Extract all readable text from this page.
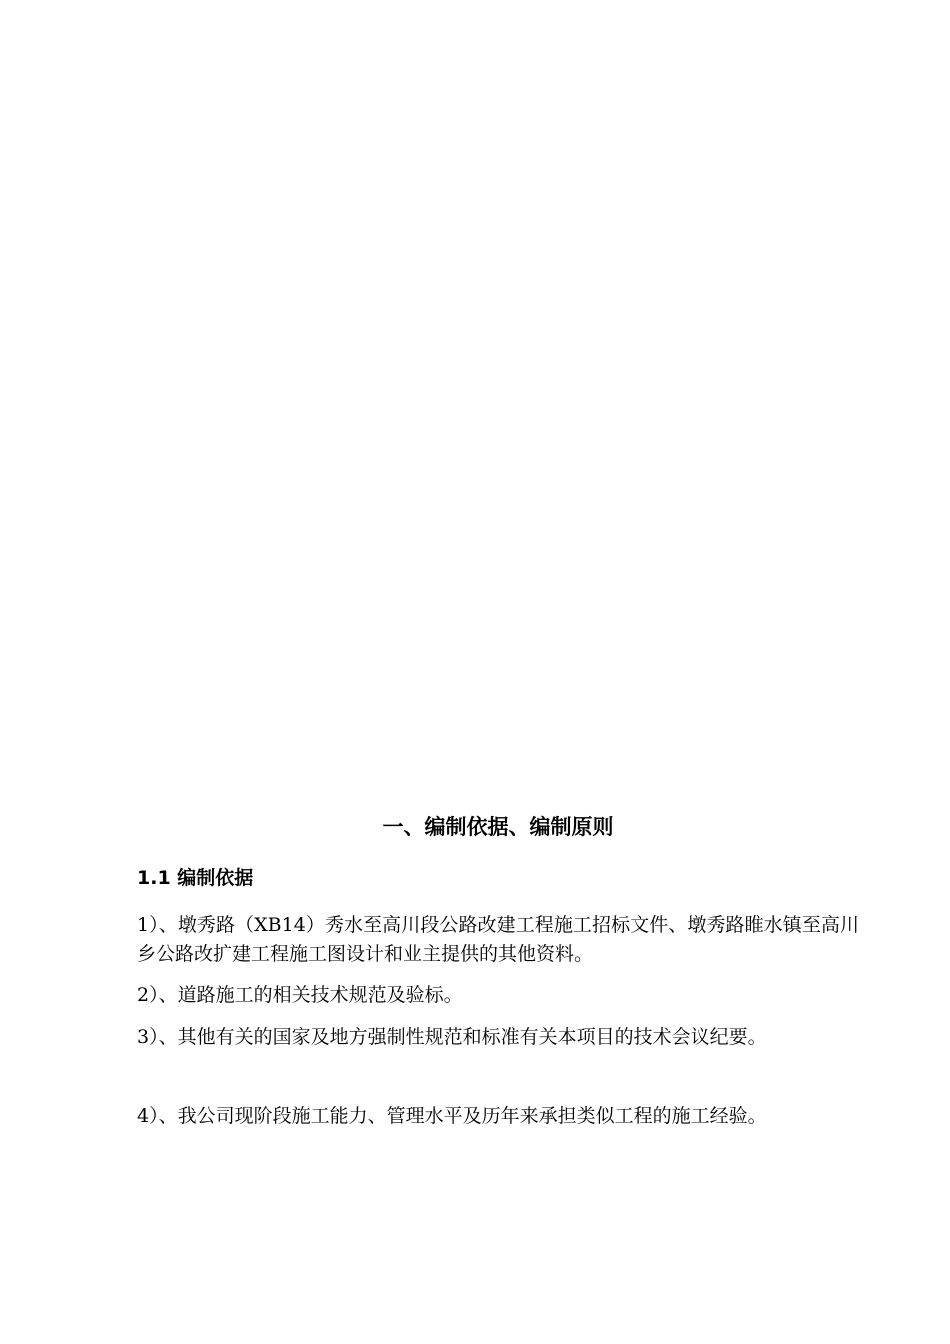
一、编制依据、编制原则
1.1 编制依据
1）、墩秀路（XB14）秀水至高川段公路改建工程施工招标文件、墩秀路睢水镇至高川乡公路改扩建工程施工图设计和业主提供的其他资料。
2）、道路施工的相关技术规范及验标。
3）、其他有关的国家及地方强制性规范和标准有关本项目的技术会议纪要。
4）、我公司现阶段施工能力、管理水平及历年来承担类似工程的施工经验。
